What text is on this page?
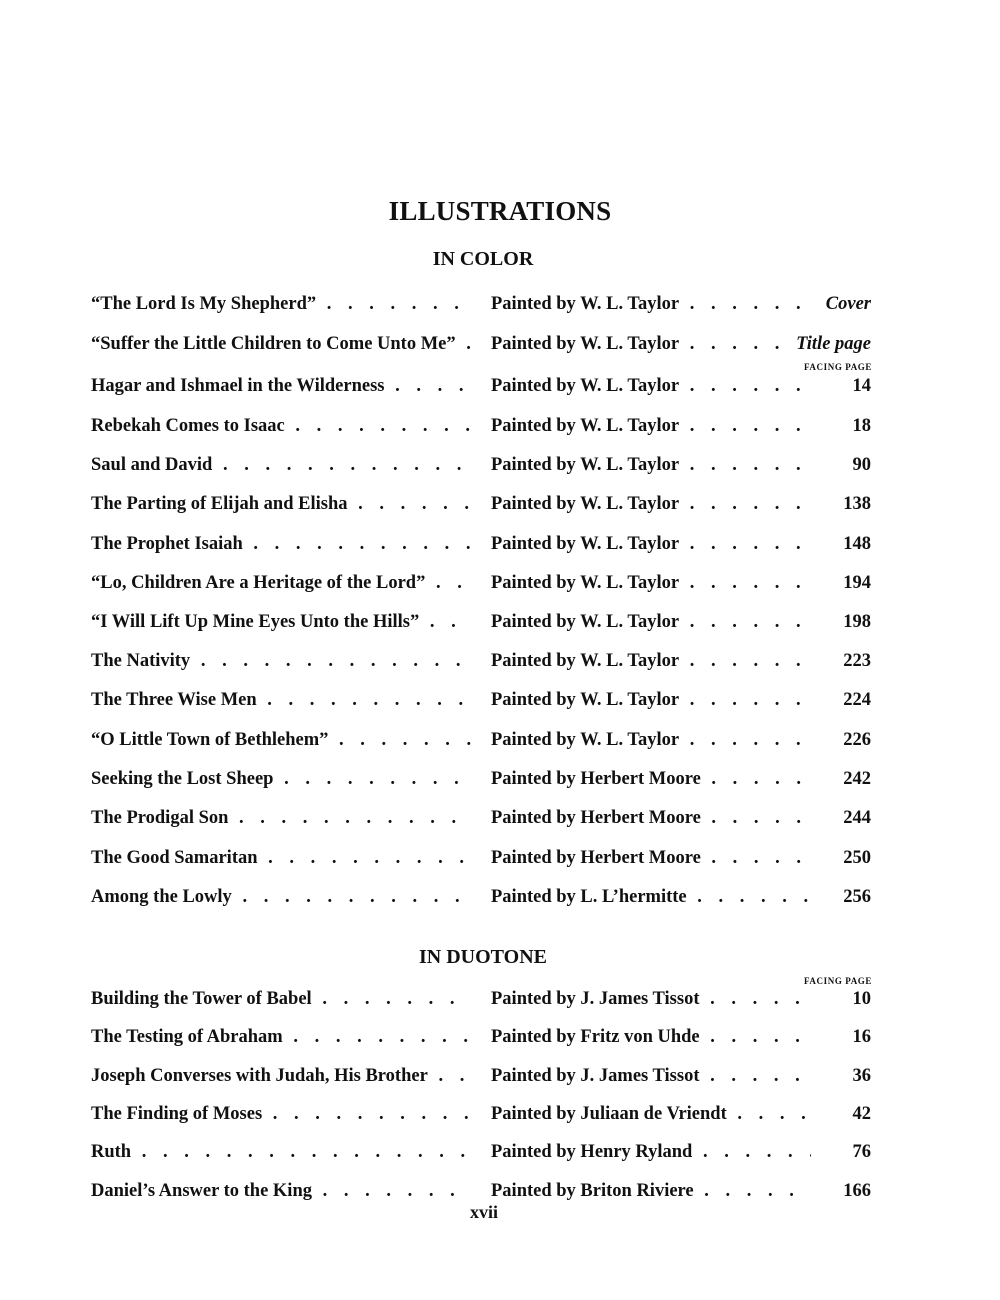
ILLUSTRATIONS
IN COLOR
FACING PAGE
“The Lord Is My Shepherd” . . .	Painted by W. L. Taylor . . .	Cover
“Suffer the Little Children to Come Unto Me” . . .	Painted by W. L. Taylor . . .	Title page
Hagar and Ishmael in the Wilderness . . .	Painted by W. L. Taylor . . .	14
Rebekah Comes to Isaac . . .	Painted by W. L. Taylor . . .	18
Saul and David . . .	Painted by W. L. Taylor . . .	90
The Parting of Elijah and Elisha . . .	Painted by W. L. Taylor . . .	138
The Prophet Isaiah . . .	Painted by W. L. Taylor . . .	148
“Lo, Children Are a Heritage of the Lord” . . .	Painted by W. L. Taylor . . .	194
“I Will Lift Up Mine Eyes Unto the Hills” . . .	Painted by W. L. Taylor . . .	198
The Nativity . . .	Painted by W. L. Taylor . . .	223
The Three Wise Men . . .	Painted by W. L. Taylor . . .	224
“O Little Town of Bethlehem” . . .	Painted by W. L. Taylor . . .	226
Seeking the Lost Sheep . . .	Painted by Herbert Moore . . .	242
The Prodigal Son . . .	Painted by Herbert Moore . . .	244
The Good Samaritan . . .	Painted by Herbert Moore . . .	250
Among the Lowly . . .	Painted by L. L’hermitte . . .	256
IN DUOTONE
FACING PAGE
Building the Tower of Babel . . .	Painted by J. James Tissot . . .	10
The Testing of Abraham . . .	Painted by Fritz von Uhde . . .	16
Joseph Converses with Judah, His Brother . . .	Painted by J. James Tissot . . .	36
The Finding of Moses . . .	Painted by Juliaan de Vriendt . . .	42
Ruth . . .	Painted by Henry Ryland . . .	76
Daniel’s Answer to the King . . .	Painted by Briton Riviere . . .	166
xvii
